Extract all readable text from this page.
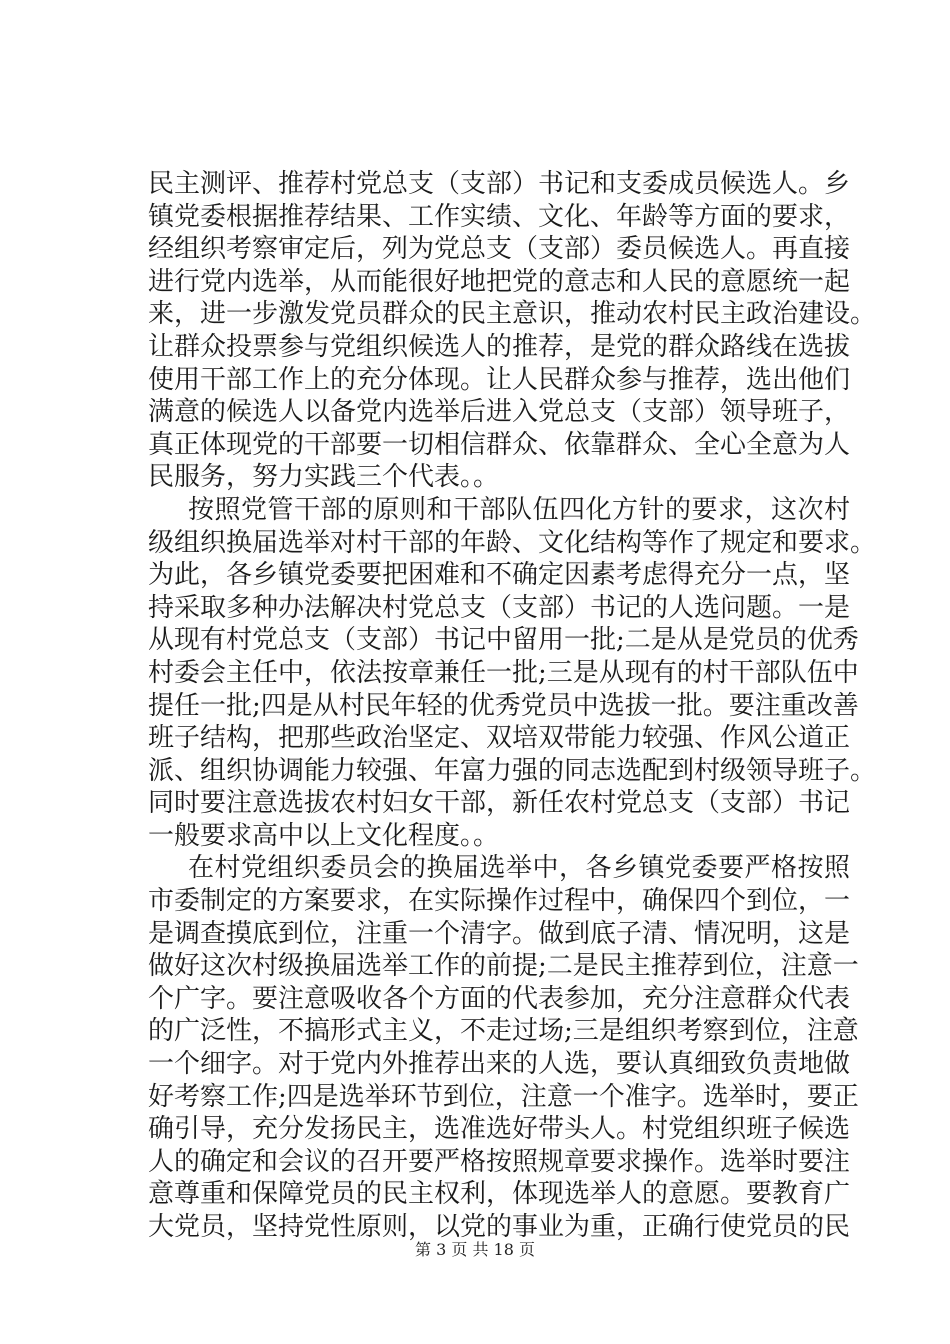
民主测评、推荐村党总支（支部）书记和支委成员候选人。乡
镇党委根据推荐结果、工作实绩、文化、年龄等方面的要求，
经组织考察审定后，列为党总支（支部）委员候选人。再直接
进行党内选举，从而能很好地把党的意志和人民的意愿统一起
来，进一步激发党员群众的民主意识，推动农村民主政治建设。
让群众投票参与党组织候选人的推荐，是党的群众路线在选拔
使用干部工作上的充分体现。让人民群众参与推荐，选出他们
满意的候选人以备党内选举后进入党总支（支部）领导班子，
真正体现党的干部要一切相信群众、依靠群众、全心全意为人
民服务，努力实践三个代表。。
按照党管干部的原则和干部队伍四化方针的要求，这次村
级组织换届选举对村干部的年龄、文化结构等作了规定和要求。
为此，各乡镇党委要把困难和不确定因素考虑得充分一点，坚
持采取多种办法解决村党总支（支部）书记的人选问题。一是
从现有村党总支（支部）书记中留用一批;二是从是党员的优秀
村委会主任中，依法按章兼任一批;三是从现有的村干部队伍中
提任一批;四是从村民年轻的优秀党员中选拔一批。要注重改善
班子结构，把那些政治坚定、双培双带能力较强、作风公道正
派、组织协调能力较强、年富力强的同志选配到村级领导班子。
同时要注意选拔农村妇女干部，新任农村党总支（支部）书记
一般要求高中以上文化程度。。
在村党组织委员会的换届选举中，各乡镇党委要严格按照
市委制定的方案要求，在实际操作过程中，确保四个到位，一
是调查摸底到位，注重一个清字。做到底子清、情况明，这是
做好这次村级换届选举工作的前提;二是民主推荐到位，注意一
个广字。要注意吸收各个方面的代表参加，充分注意群众代表
的广泛性，不搞形式主义，不走过场;三是组织考察到位，注意
一个细字。对于党内外推荐出来的人选，要认真细致负责地做
好考察工作;四是选举环节到位，注意一个准字。选举时，要正
确引导，充分发扬民主，选准选好带头人。村党组织班子候选
人的确定和会议的召开要严格按照规章要求操作。选举时要注
意尊重和保障党员的民主权利，体现选举人的意愿。要教育广
大党员，坚持党性原则，以党的事业为重，正确行使党员的民
第 3 页 共 18 页
